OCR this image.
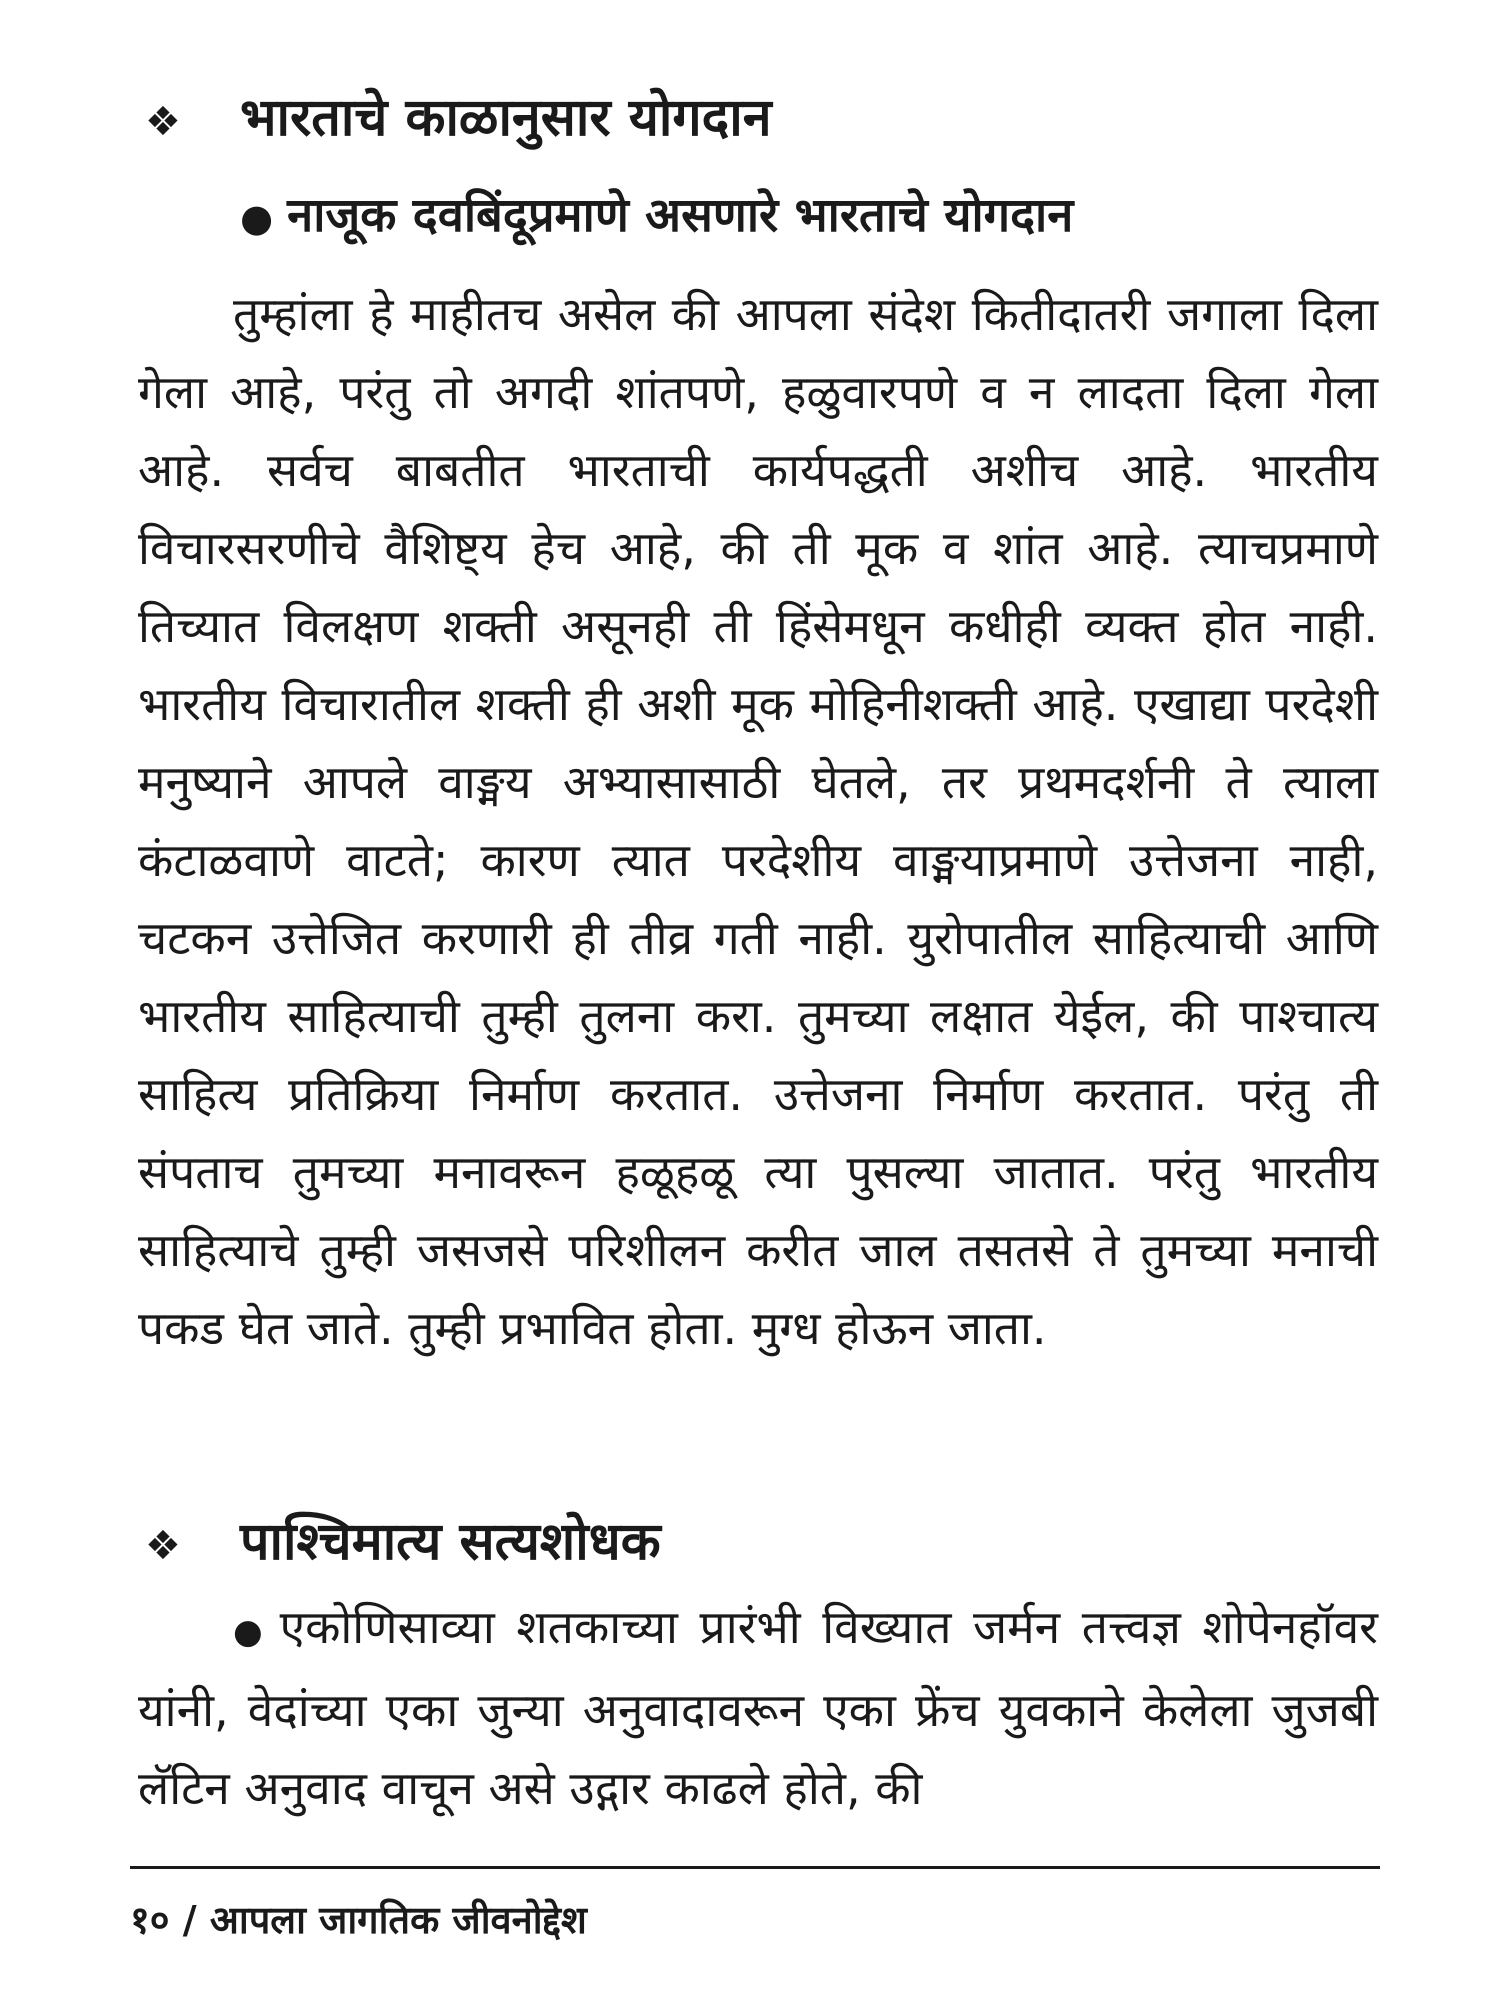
❖ भारताचे काळानुसार योगदान
● नाजूक दवबिंदूप्रमाणे असणारे भारताचे योगदान

तुम्हांला हे माहीतच असेल की आपला संदेश कितीदातरी जगाला दिला गेला आहे, परंतु तो अगदी शांतपणे, हळुवारपणे व न लादता दिला गेला आहे. सर्वच बाबतीत भारताची कार्यपद्धती अशीच आहे. भारतीय विचारसरणीचे वैशिष्ट्य हेच आहे, की ती मूक व शांत आहे. त्याचप्रमाणे तिच्यात विलक्षण शक्ती असूनही ती हिंसेमधून कधीही व्यक्त होत नाही. भारतीय विचारातील शक्ती ही अशी मूक मोहिनीशक्ती आहे. एखाद्या परदेशी मनुष्याने आपले वाङ्मय अभ्यासासाठी घेतले, तर प्रथमदर्शनी ते त्याला कंटाळवाणे वाटते; कारण त्यात परदेशीय वाङ्मयाप्रमाणे उत्तेजना नाही, चटकन उत्तेजित करणारी ही तीव्र गती नाही. युरोपातील साहित्याची आणि भारतीय साहित्याची तुम्ही तुलना करा. तुमच्या लक्षात येईल, की पाश्चात्य साहित्य प्रतिक्रिया निर्माण करतात. उत्तेजना निर्माण करतात. परंतु ती संपताच तुमच्या मनावरून हळूहळू त्या पुसल्या जातात. परंतु भारतीय साहित्याचे तुम्ही जसजसे परिशीलन करीत जाल तसतसे ते तुमच्या मनाची पकड घेत जाते. तुम्ही प्रभावित होता. मुग्ध होऊन जाता.

❖ पाश्चिमात्य सत्यशोधक

● एकोणिसाव्या शतकाच्या प्रारंभी विख्यात जर्मन तत्त्वज्ञ शोपेनहॉवर यांनी, वेदांच्या एका जुन्या अनुवादावरून एका फ्रेंच युवकाने केलेला जुजबी लॅटिन अनुवाद वाचून असे उद्गार काढले होते, की

१० / आपला जागतिक जीवनोद्देश
